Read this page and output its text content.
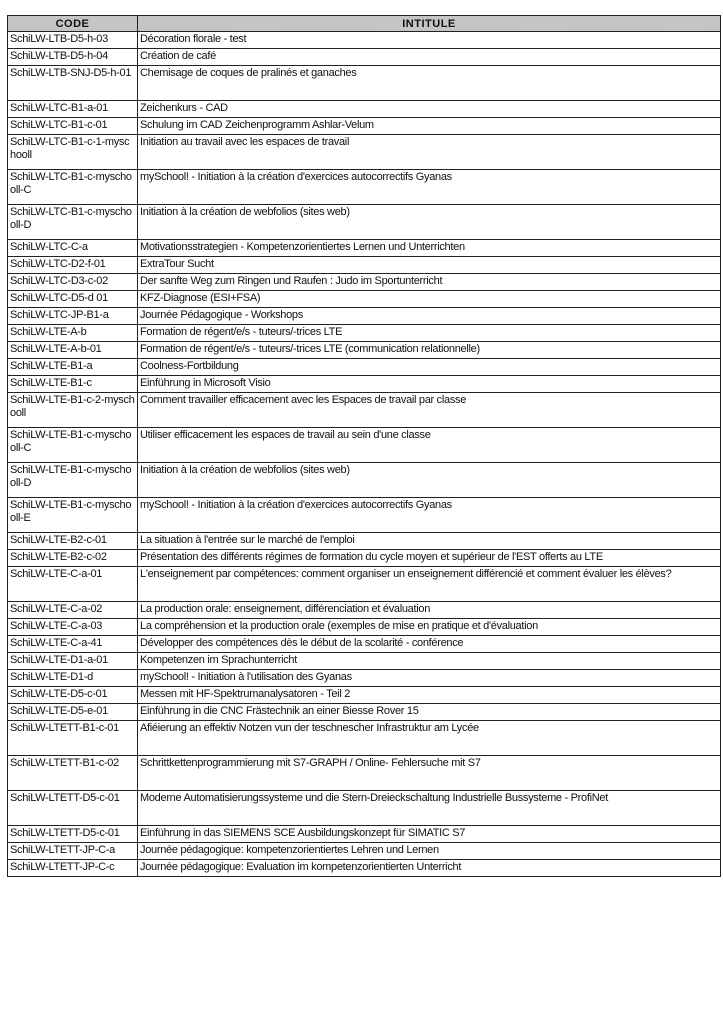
CODE	INTITULE
SchiLW-LTB-D5-h-03	Décoration florale - test
SchiLW-LTB-D5-h-04	Création de café
SchiLW-LTB-SNJ-D5-h-01	Chemisage de coques de pralinés et ganaches
SchiLW-LTC-B1-a-01	Zeichenkurs - CAD
SchiLW-LTC-B1-c-01	Schulung im CAD Zeichenprogramm Ashlar-Velum
SchiLW-LTC-B1-c-1-myschooll	Initiation au travail avec les espaces de travail
SchiLW-LTC-B1-c-myschooll-C	mySchool! - Initiation à la création d'exercices autocorrectifs Gyanas
SchiLW-LTC-B1-c-myschooll-D	Initiation à la création de webfolios (sites web)
SchiLW-LTC-C-a	Motivationsstrategien - Kompetenzorientiertes Lernen und Unterrichten
SchiLW-LTC-D2-f-01	ExtraTour Sucht
SchiLW-LTC-D3-c-02	Der sanfte Weg zum Ringen und Raufen : Judo im Sportunterricht
SchiLW-LTC-D5-d 01	KFZ-Diagnose (ESI+FSA)
SchiLW-LTC-JP-B1-a	Journée Pédagogique - Workshops
SchiLW-LTE-A-b	Formation de régent/e/s - tuteurs/-trices LTE
SchiLW-LTE-A-b-01	Formation de régent/e/s - tuteurs/-trices LTE (communication relationnelle)
SchiLW-LTE-B1-a	Coolness-Fortbildung
SchiLW-LTE-B1-c	Einführung in Microsoft Visio
SchiLW-LTE-B1-c-2-myschooll	Comment travailler efficacement avec les Espaces de travail par classe
SchiLW-LTE-B1-c-myschooll-C	Utiliser efficacement les espaces de travail au sein d'une classe
SchiLW-LTE-B1-c-myschooll-D	Initiation à la création de webfolios (sites web)
SchiLW-LTE-B1-c-myschooll-E	mySchool! - Initiation à la création d'exercices autocorrectifs Gyanas
SchiLW-LTE-B2-c-01	La situation à l'entrée sur le marché de l'emploi
SchiLW-LTE-B2-c-02	Présentation des différents régimes de formation du cycle moyen et supérieur de l'EST offerts au LTE
SchiLW-LTE-C-a-01	L'enseignement par compétences: comment organiser un enseignement différencié et comment évaluer les élèves?
SchiLW-LTE-C-a-02	La production orale: enseignement, différenciation et évaluation
SchiLW-LTE-C-a-03	La compréhension et la production orale (exemples de mise en pratique et d'évaluation
SchiLW-LTE-C-a-41	Développer des compétences dès le début de la scolarité - conférence
SchiLW-LTE-D1-a-01	Kompetenzen im Sprachunterricht
SchiLW-LTE-D1-d	mySchool! - Initiation à l'utilisation des Gyanas
SchiLW-LTE-D5-c-01	Messen mit HF-Spektrumanalysatoren - Teil 2
SchiLW-LTE-D5-e-01	Einführung in die CNC Frästechnik an einer Biesse Rover 15
SchiLW-LTETT-B1-c-01	Afiéierung an effektiv Notzen vun der teschnescher Infrastruktur am Lycée
SchiLW-LTETT-B1-c-02	Schrittkettenprogrammierung mit S7-GRAPH / Online- Fehlersuche mit S7
SchiLW-LTETT-D5-c-01	Moderne Automatisierungssysteme und die Stern-Dreieckschaltung Industrielle Bussysteme - ProfiNet
SchiLW-LTETT-D5-c-01	Einführung in das SIEMENS SCE Ausbildungskonzept für SIMATIC S7
SchiLW-LTETT-JP-C-a	Journée pédagogique: kompetenzorientiertes Lehren und Lernen
SchiLW-LTETT-JP-C-c	Journée pédagogique: Evaluation im kompetenzorientierten Unterricht
